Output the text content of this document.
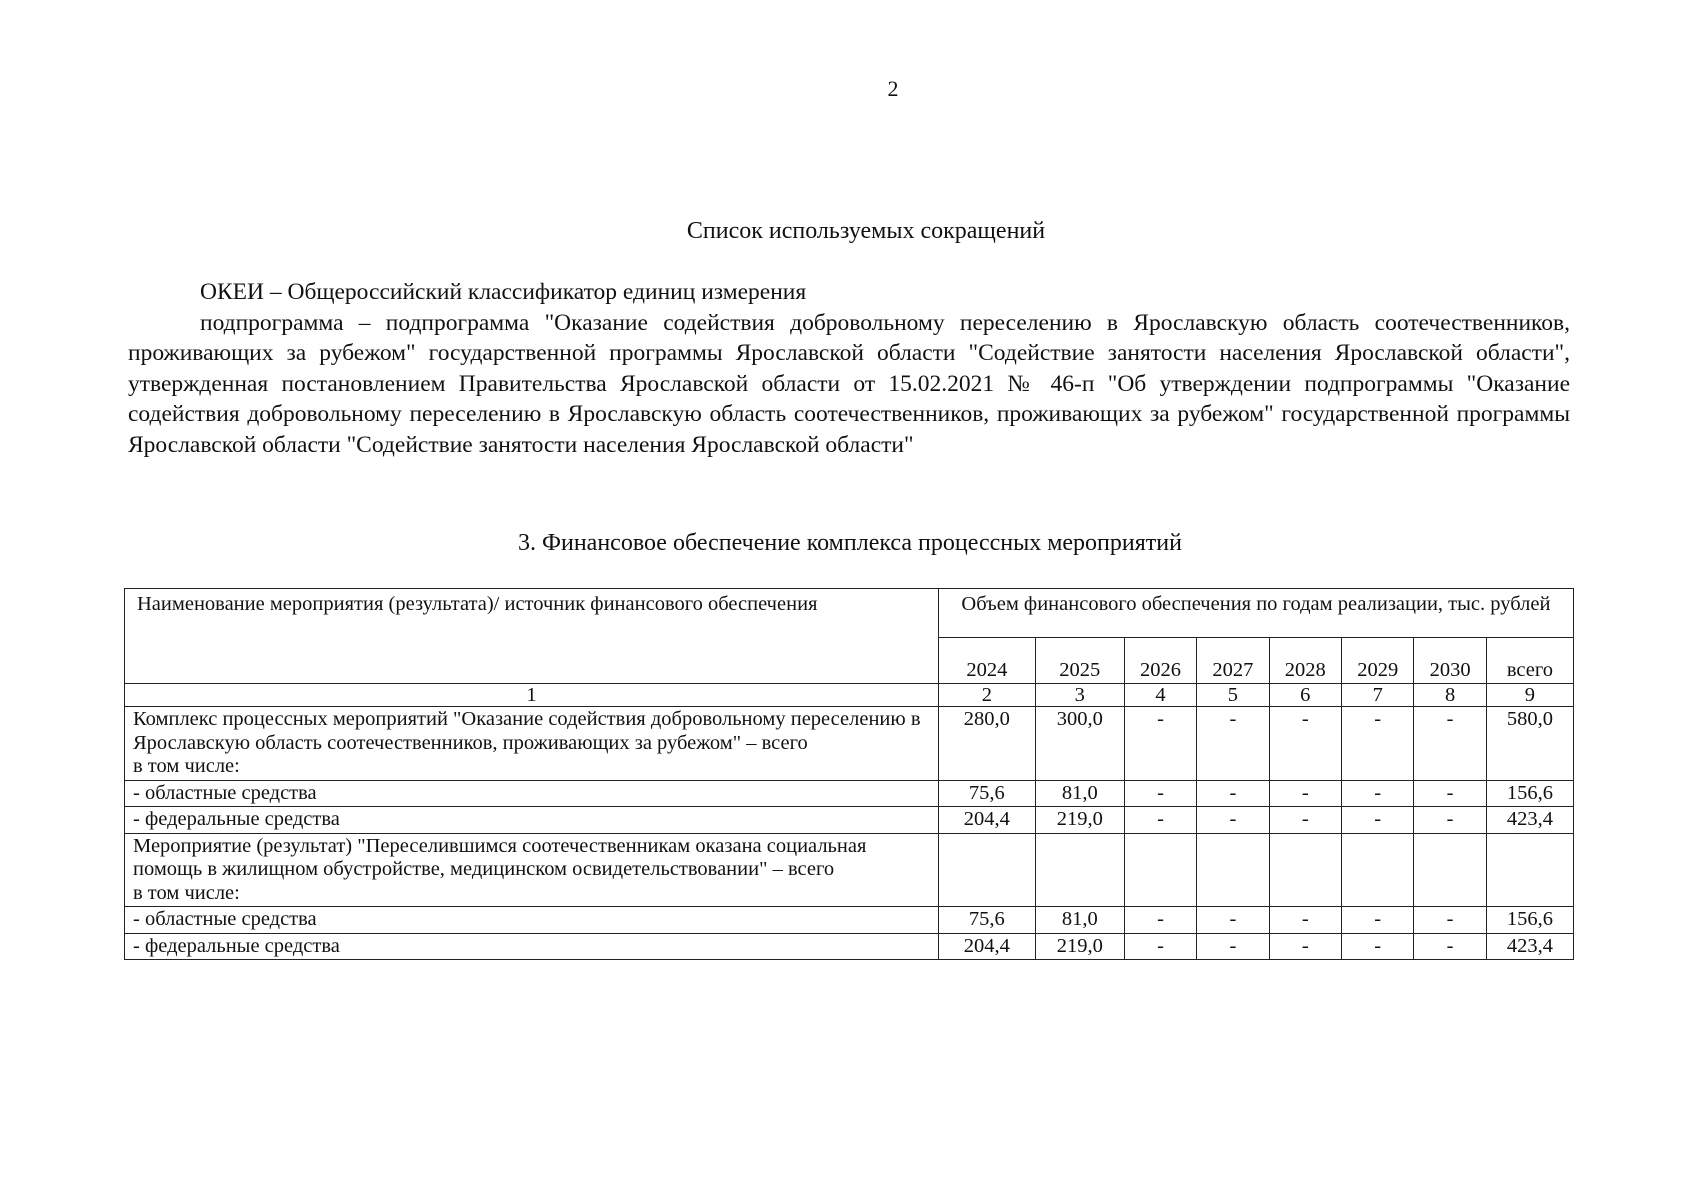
2
Список используемых сокращений

ОКЕИ – Общероссийский классификатор единиц измерения

подпрограмма – подпрограмма "Оказание содействия добровольному переселению в Ярославскую область соотечественников, проживающих за рубежом" государственной программы Ярославской области "Содействие занятости населения Ярославской области", утвержденная постановлением Правительства Ярославской области от 15.02.2021 № 46-п "Об утверждении подпрограммы "Оказание содействия добровольному переселению в Ярославскую область соотечественников, проживающих за рубежом" государственной программы Ярославской области "Содействие занятости населения Ярославской области"

3. Финансовое обеспечение комплекса процессных мероприятий
Наименование мероприятия (результата)/ источник финансового обеспечения	Объем финансового обеспечения по годам реализации, тыс. рублей							
	2024	2025	2026	2027	2028	2029	2030	всего
1	2	3	4	5	6	7	8	9
Комплекс процессных мероприятий "Оказание содействия добровольному переселению в Ярославскую область соотечественников, проживающих за рубежом" – всего
в том числе:	280,0	300,0	-	-	-	-	-	580,0
- областные средства	75,6	81,0	-	-	-	-	-	156,6
- федеральные средства	204,4	219,0	-	-	-	-	-	423,4
Мероприятие (результат) "Переселившимся соотечественникам оказана социальная помощь в жилищном обустройстве, медицинском освидетельствовании" – всего
в том числе:								
- областные средства	75,6	81,0	-	-	-	-	-	156,6
- федеральные средства	204,4	219,0	-	-	-	-	-	423,4
